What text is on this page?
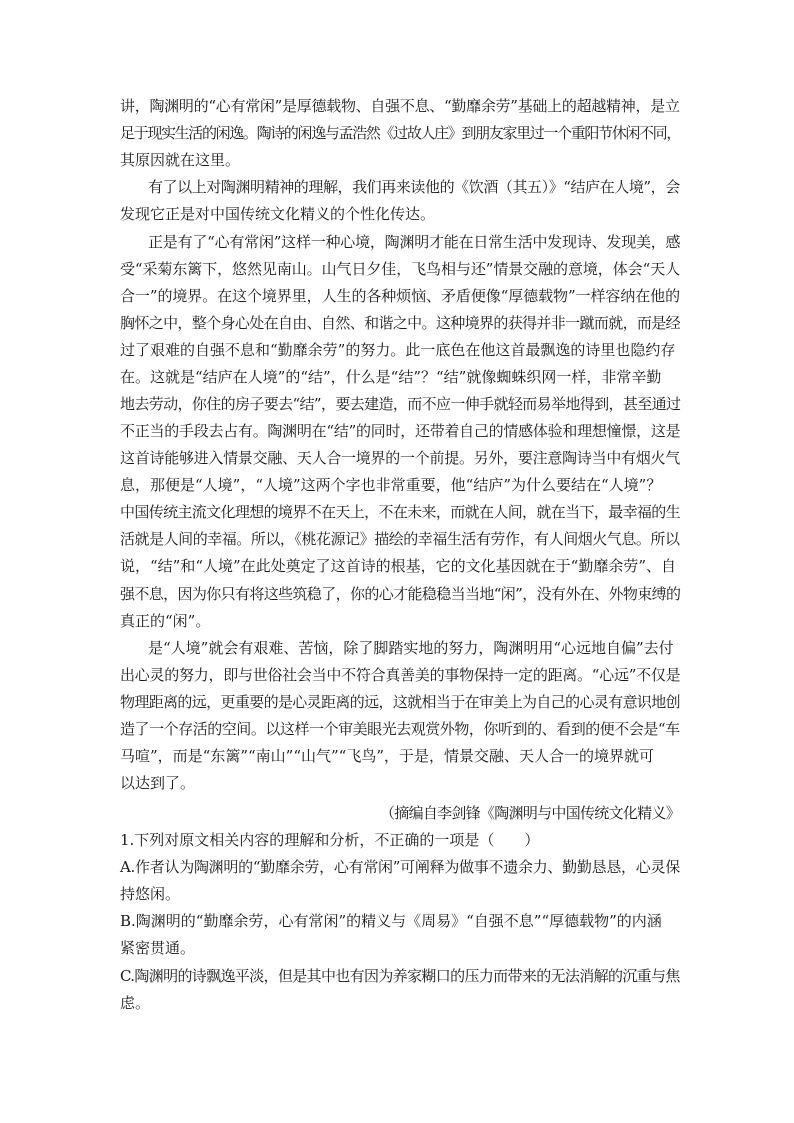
讲，陶渊明的“心有常闲”是厚德载物、自强不息、“勤靡余劳”基础上的超越精神，是立
足于现实生活的闲逸。陶诗的闲逸与孟浩然《过故人庄》到朋友家里过一个重阳节休闲不同，
其原因就在这里。
有了以上对陶渊明精神的理解，我们再来读他的《饮酒（其五）》“结庐在人境”，会
发现它正是对中国传统文化精义的个性化传达。
正是有了“心有常闲”这样一种心境，陶渊明才能在日常生活中发现诗、发现美，感
受“采菊东篱下，悠然见南山。山气日夕佳，飞鸟相与还”情景交融的意境，体会“天人
合一”的境界。在这个境界里，人生的各种烦恼、矛盾便像“厚德载物”一样容纳在他的
胸怀之中，整个身心处在自由、自然、和谐之中。这种境界的获得并非一蹴而就，而是经
过了艰难的自强不息和“勤靡余劳”的努力。此一底色在他这首最飘逸的诗里也隐约存
在。这就是“结庐在人境”的“结”，什么是“结”？“结”就像蜘蛛织网一样，非常辛勤
地去劳动，你住的房子要去“结”，要去建造，而不应一伸手就轻而易举地得到，甚至通过
不正当的手段去占有。陶渊明在“结”的同时，还带着自己的情感体验和理想憧憬，这是
这首诗能够进入情景交融、天人合一境界的一个前提。另外，要注意陶诗当中有烟火气
息，那便是“人境”，“人境”这两个字也非常重要，他“结庐”为什么要结在“人境”？
中国传统主流文化理想的境界不在天上，不在未来，而就在人间，就在当下，最幸福的生
活就是人间的幸福。所以，《桃花源记》描绘的幸福生活有劳作，有人间烟火气息。所以
说，“结”和“人境”在此处奠定了这首诗的根基，它的文化基因就在于“勤靡余劳”、自
强不息，因为你只有将这些筑稳了，你的心才能稳稳当当地“闲”，没有外在、外物束缚的
真正的“闲”。
是“人境”就会有艰难、苦恼，除了脚踏实地的努力，陶渊明用“心远地自偏”去付
出心灵的努力，即与世俗社会当中不符合真善美的事物保持一定的距离。“心远”不仅是
物理距离的远，更重要的是心灵距离的远，这就相当于在审美上为自己的心灵有意识地创
造了一个存活的空间。以这样一个审美眼光去观赏外物，你听到的、看到的便不会是“车
马喧”，而是“东篱”“南山”“山气”“飞鸟”，于是，情景交融、天人合一的境界就可
以达到了。
（摘编自李剑锋《陶渊明与中国传统文化精义》
1.下列对原文相关内容的理解和分析，不正确的一项是（　　）
A.作者认为陶渊明的“勤靡余劳，心有常闲”可阐释为做事不遗余力、勤勤恳恳，心灵保
持悠闲。
B.陶渊明的“勤靡余劳，心有常闲”的精义与《周易》“自强不息”“厚德载物”的内涵
紧密贯通。
C.陶渊明的诗飘逸平淡，但是其中也有因为养家糊口的压力而带来的无法消解的沉重与焦
虑。
